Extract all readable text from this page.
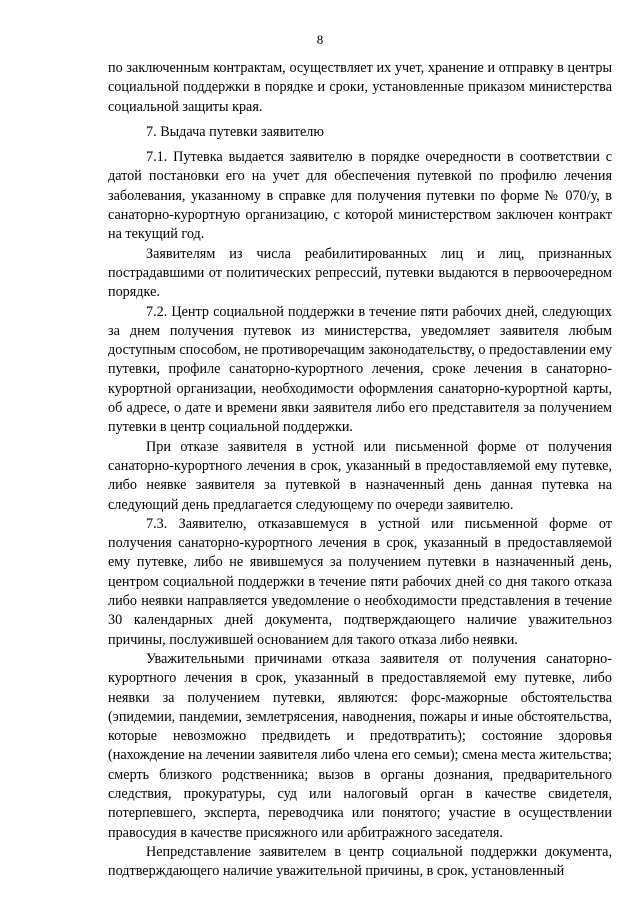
8

по заключенным контрактам, осуществляет их учет, хранение и отправку в центры социальной поддержки в порядке и сроки, установленные приказом министерства социальной защиты края.

7. Выдача путевки заявителю

7.1. Путевка выдается заявителю в порядке очередности в соответствии с датой постановки его на учет для обеспечения путевкой по профилю лечения заболевания, указанному в справке для получения путевки по форме № 070/у, в санаторно-курортную организацию, с которой министерством заключен контракт на текущий год.

Заявителям из числа реабилитированных лиц и лиц, признанных пострадавшими от политических репрессий, путевки выдаются в первоочередном порядке.

7.2. Центр социальной поддержки в течение пяти рабочих дней, следующих за днем получения путевок из министерства, уведомляет заявителя любым доступным способом, не противоречащим законодательству, о предоставлении ему путевки, профиле санаторно-курортного лечения, сроке лечения в санаторно-курортной организации, необходимости оформления санаторно-курортной карты, об адресе, о дате и времени явки заявителя либо его представителя за получением путевки в центр социальной поддержки.

При отказе заявителя в устной или письменной форме от получения санаторно-курортного лечения в срок, указанный в предоставляемой ему путевке, либо неявке заявителя за путевкой в назначенный день данная путевка на следующий день предлагается следующему по очереди заявителю.

7.3. Заявителю, отказавшемуся в устной или письменной форме от получения санаторно-курортного лечения в срок, указанный в предоставляемой ему путевке, либо не явившемуся за получением путевки в назначенный день, центром социальной поддержки в течение пяти рабочих дней со дня такого отказа либо неявки направляется уведомление о необходимости представления в течение 30 календарных дней документа, подтверждающего наличие уважительноз причины, послужившей основанием для такого отказа либо неявки.

Уважительными причинами отказа заявителя от получения санаторно-курортного лечения в срок, указанный в предоставляемой ему путевке, либо неявки за получением путевки, являются: форс-мажорные обстоятельства (эпидемии, пандемии, землетрясения, наводнения, пожары и иные обстоятельства, которые невозможно предвидеть и предотвратить); состояние здоровья (нахождение на лечении заявителя либо члена его семьи); смена места жительства; смерть близкого родственника; вызов в органы дознания, предварительного следствия, прокуратуры, суд или налоговый орган в качестве свидетеля, потерпевшего, эксперта, переводчика или понятого; участие в осуществлении правосудия в качестве присяжного или арбитражного заседателя.

Непредставление заявителем в центр социальной поддержки документа, подтверждающего наличие уважительной причины, в срок, установленный
